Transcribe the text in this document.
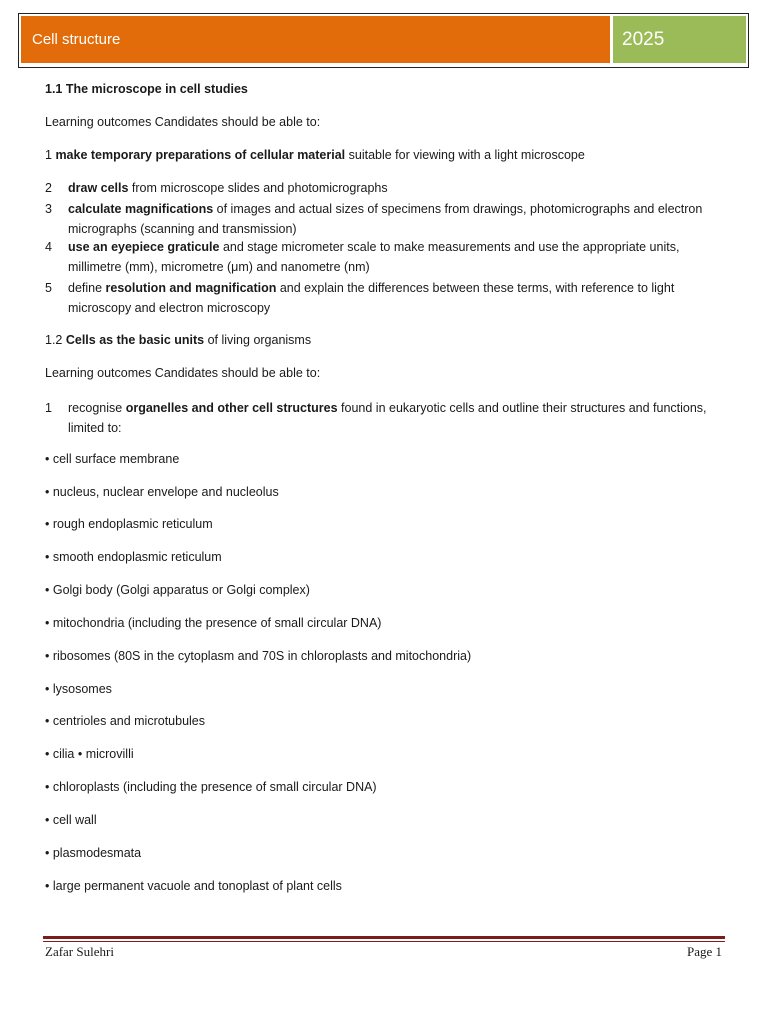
Cell structure	2025
1.1 The microscope in cell studies
Learning outcomes Candidates should be able to:
1 make temporary preparations of cellular material suitable for viewing with a light microscope
2 draw cells from microscope slides and photomicrographs
3 calculate magnifications of images and actual sizes of specimens from drawings, photomicrographs and electron micrographs (scanning and transmission)
4 use an eyepiece graticule and stage micrometer scale to make measurements and use the appropriate units, millimetre (mm), micrometre (μm) and nanometre (nm)
5 define resolution and magnification and explain the differences between these terms, with reference to light microscopy and electron microscopy
1.2 Cells as the basic units of living organisms
Learning outcomes Candidates should be able to:
1 recognise organelles and other cell structures found in eukaryotic cells and outline their structures and functions, limited to:
• cell surface membrane
• nucleus, nuclear envelope and nucleolus
• rough endoplasmic reticulum
• smooth endoplasmic reticulum
• Golgi body (Golgi apparatus or Golgi complex)
• mitochondria (including the presence of small circular DNA)
• ribosomes (80S in the cytoplasm and 70S in chloroplasts and mitochondria)
• lysosomes
• centrioles and microtubules
• cilia • microvilli
• chloroplasts (including the presence of small circular DNA)
• cell wall
• plasmodesmata
• large permanent vacuole and tonoplast of plant cells
Zafar Sulehri	Page 1
